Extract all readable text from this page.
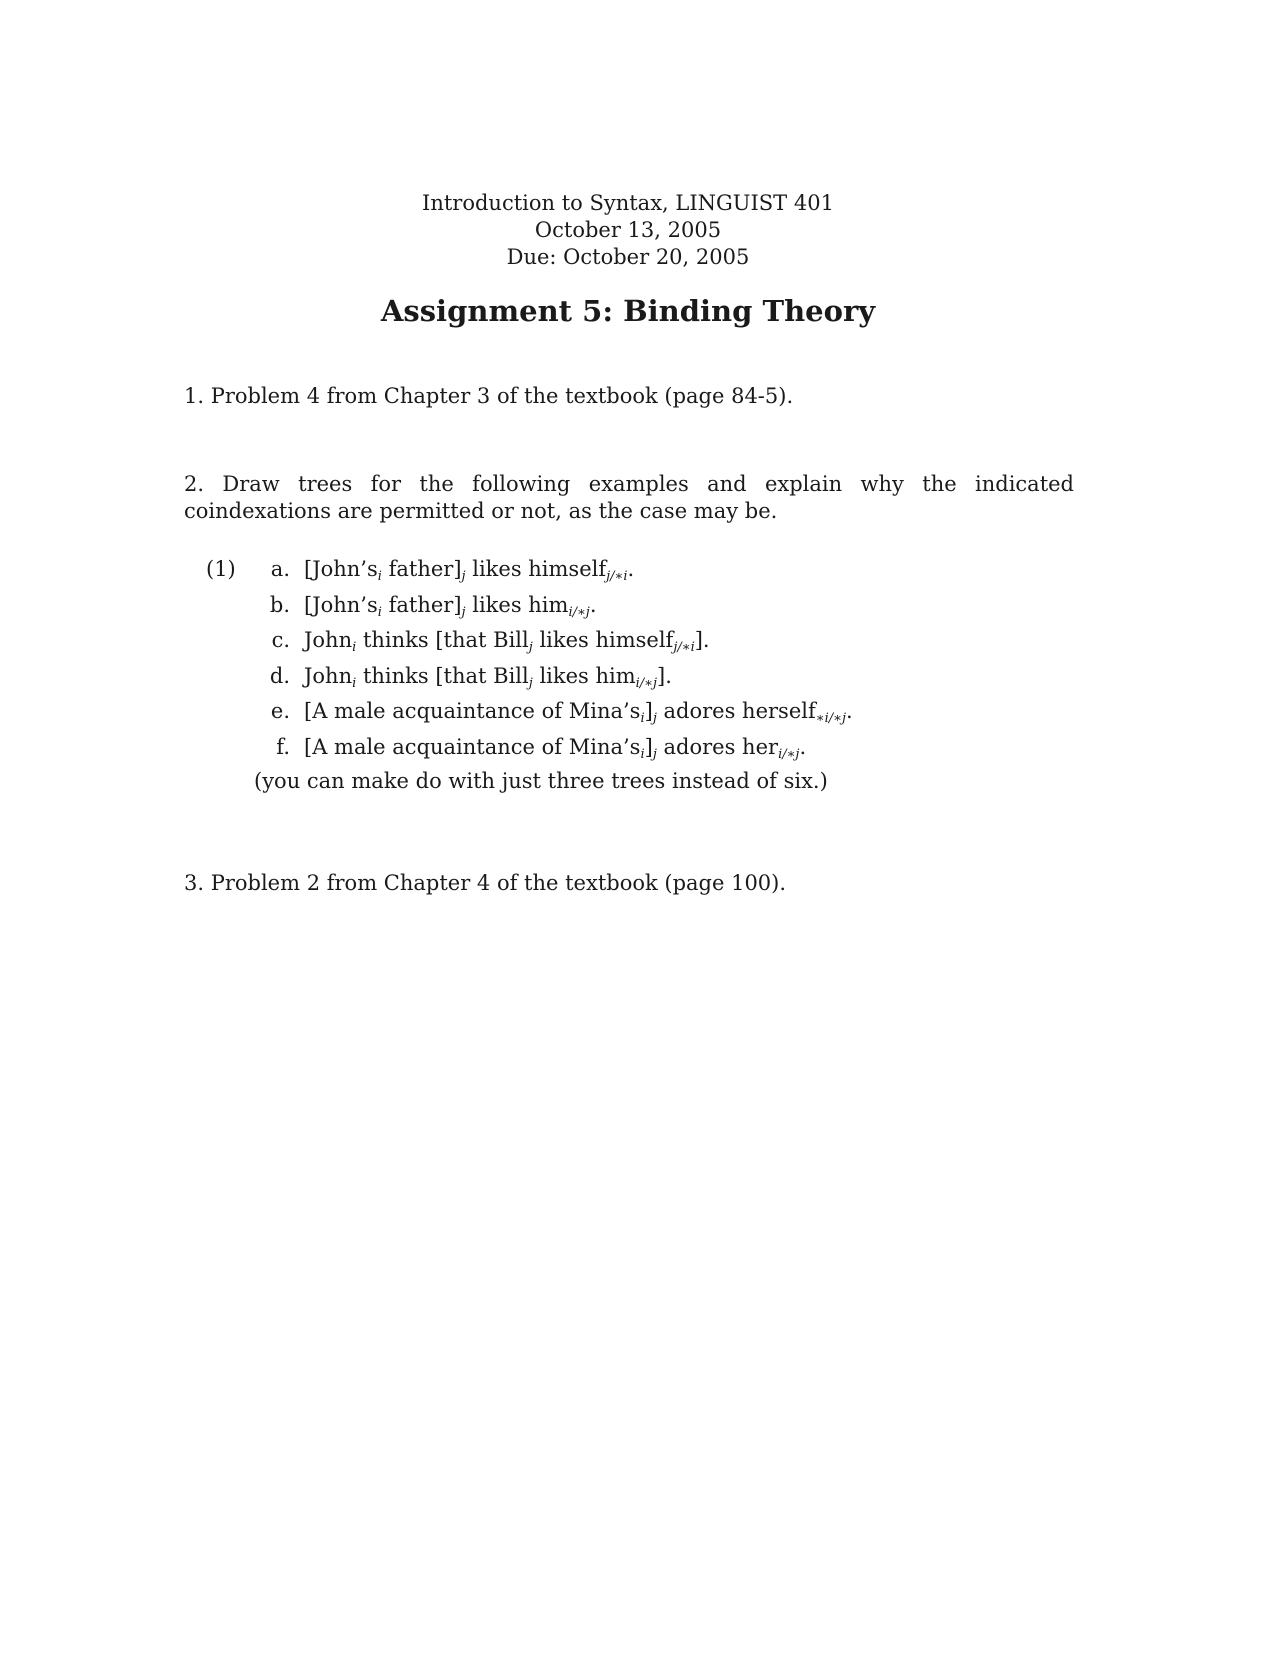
Introduction to Syntax, LINGUIST 401
October 13, 2005
Due: October 20, 2005
Assignment 5: Binding Theory
1. Problem 4 from Chapter 3 of the textbook (page 84-5).
2. Draw trees for the following examples and explain why the indicated coindexations are permitted or not, as the case may be.
(1)	a. [$John’s_i$ $father]_j$ likes himself$_{j/∗i}$.
b. [$John’s_i$ $father]_j$ likes him$_{i/∗j}$.
c. John$_i$ thinks [that Bill$_j$ likes himself$_{j/∗i}$].
d. John$_i$ thinks [that Bill$_j$ likes him$_{i/∗j}$].
e. [A male acquaintance of $Mina’s_i]_j$ adores herself$_{∗i/∗j}$.
f. [A male acquaintance of $Mina’s_i]_j$ adores her$_{i/∗j}$.
(you can make do with just three trees instead of six.)
3. Problem 2 from Chapter 4 of the textbook (page 100).
